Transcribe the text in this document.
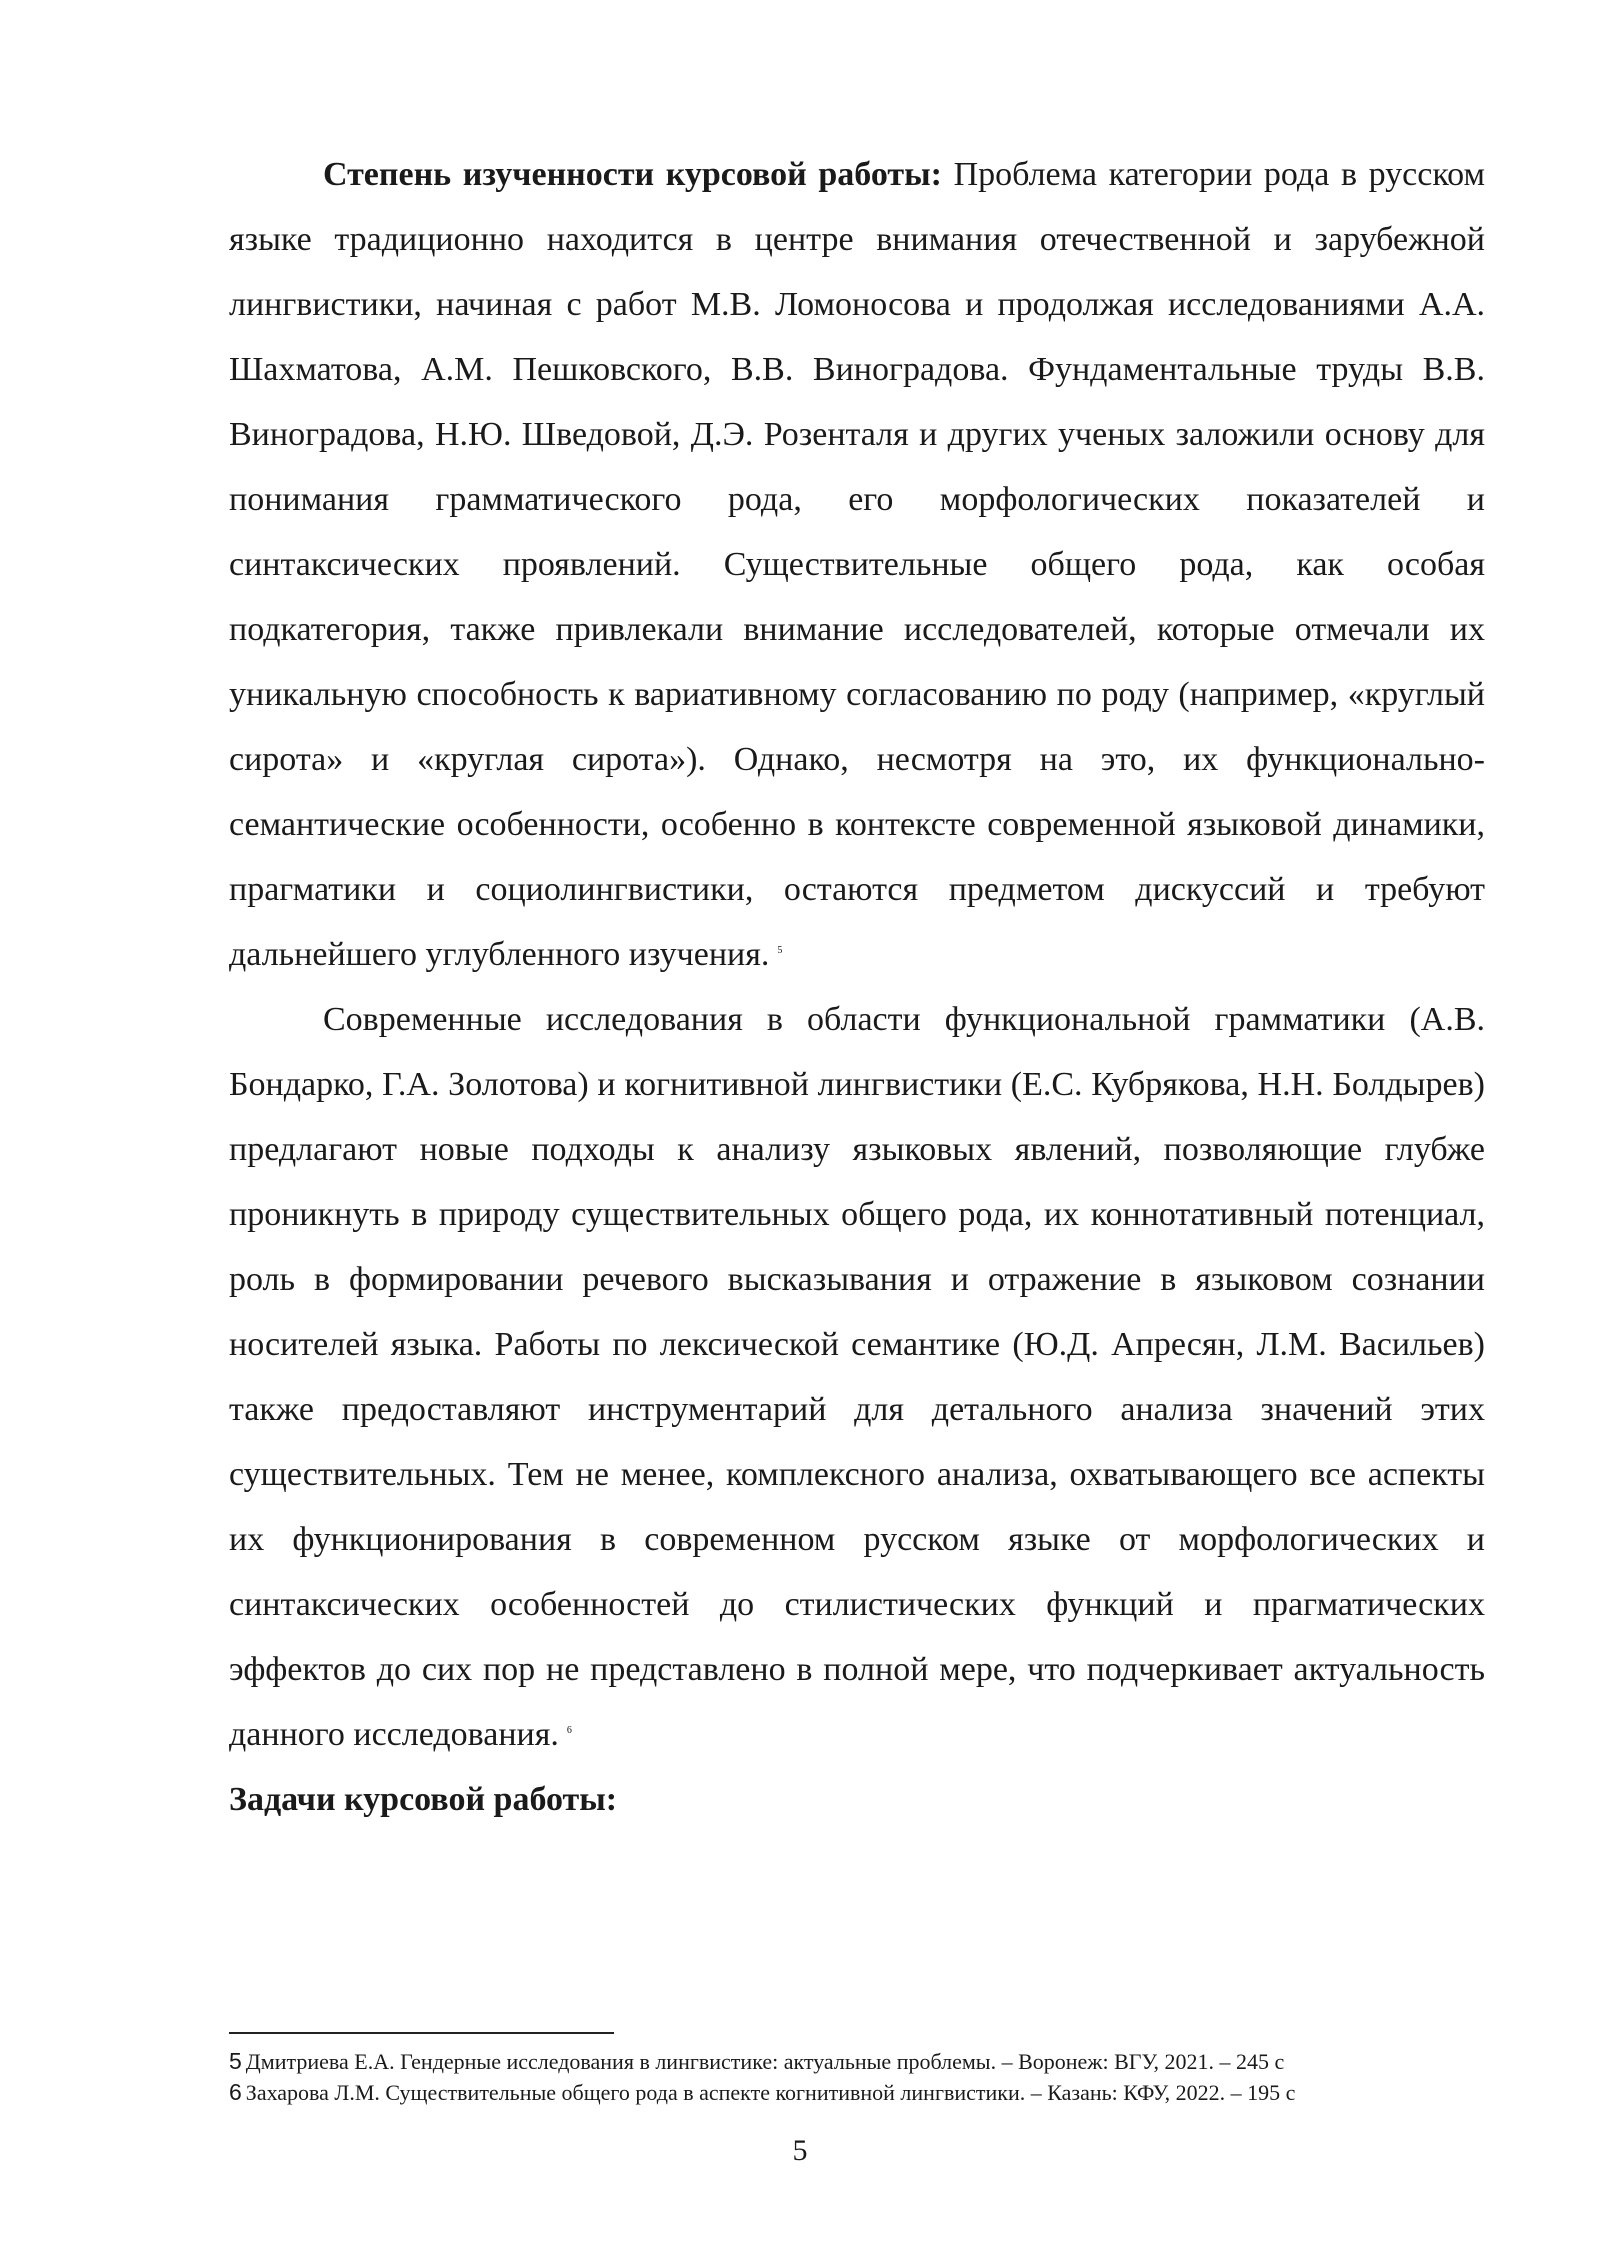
Степень изученности курсовой работы: Проблема категории рода в русском языке традиционно находится в центре внимания отечественной и зарубежной лингвистики, начиная с работ М.В. Ломоносова и продолжая исследованиями А.А. Шахматова, А.М. Пешковского, В.В. Виноградова. Фундаментальные труды В.В. Виноградова, Н.Ю. Шведовой, Д.Э. Розенталя и других ученых заложили основу для понимания грамматического рода, его морфологических показателей и синтаксических проявлений. Существительные общего рода, как особая подкатегория, также привлекали внимание исследователей, которые отмечали их уникальную способность к вариативному согласованию по роду (например, «круглый сирота» и «круглая сирота»). Однако, несмотря на это, их функционально-семантические особенности, особенно в контексте современной языковой динамики, прагматики и социолингвистики, остаются предметом дискуссий и требуют дальнейшего углубленного изучения. $^5$

Современные исследования в области функциональной грамматики (А.В. Бондарко, Г.А. Золотова) и когнитивной лингвистики (Е.С. Кубрякова, Н.Н. Болдырев) предлагают новые подходы к анализу языковых явлений, позволяющие глубже проникнуть в природу существительных общего рода, их коннотативный потенциал, роль в формировании речевого высказывания и отражение в языковом сознании носителей языка. Работы по лексической семантике (Ю.Д. Апресян, Л.М. Васильев) также предоставляют инструментарий для детального анализа значений этих существительных. Тем не менее, комплексного анализа, охватывающего все аспекты их функционирования в современном русском языке от морфологических и синтаксических особенностей до стилистических функций и прагматических эффектов до сих пор не представлено в полной мере, что подчеркивает актуальность данного исследования. $^6$

Задачи курсовой работы:

5 Дмитриева Е.А. Гендерные исследования в лингвистике: актуальные проблемы. – Воронеж: ВГУ, 2021. – 245 с

6 Захарова Л.М. Существительные общего рода в аспекте когнитивной лингвистики. – Казань: КФУ, 2022. – 195 с

5
